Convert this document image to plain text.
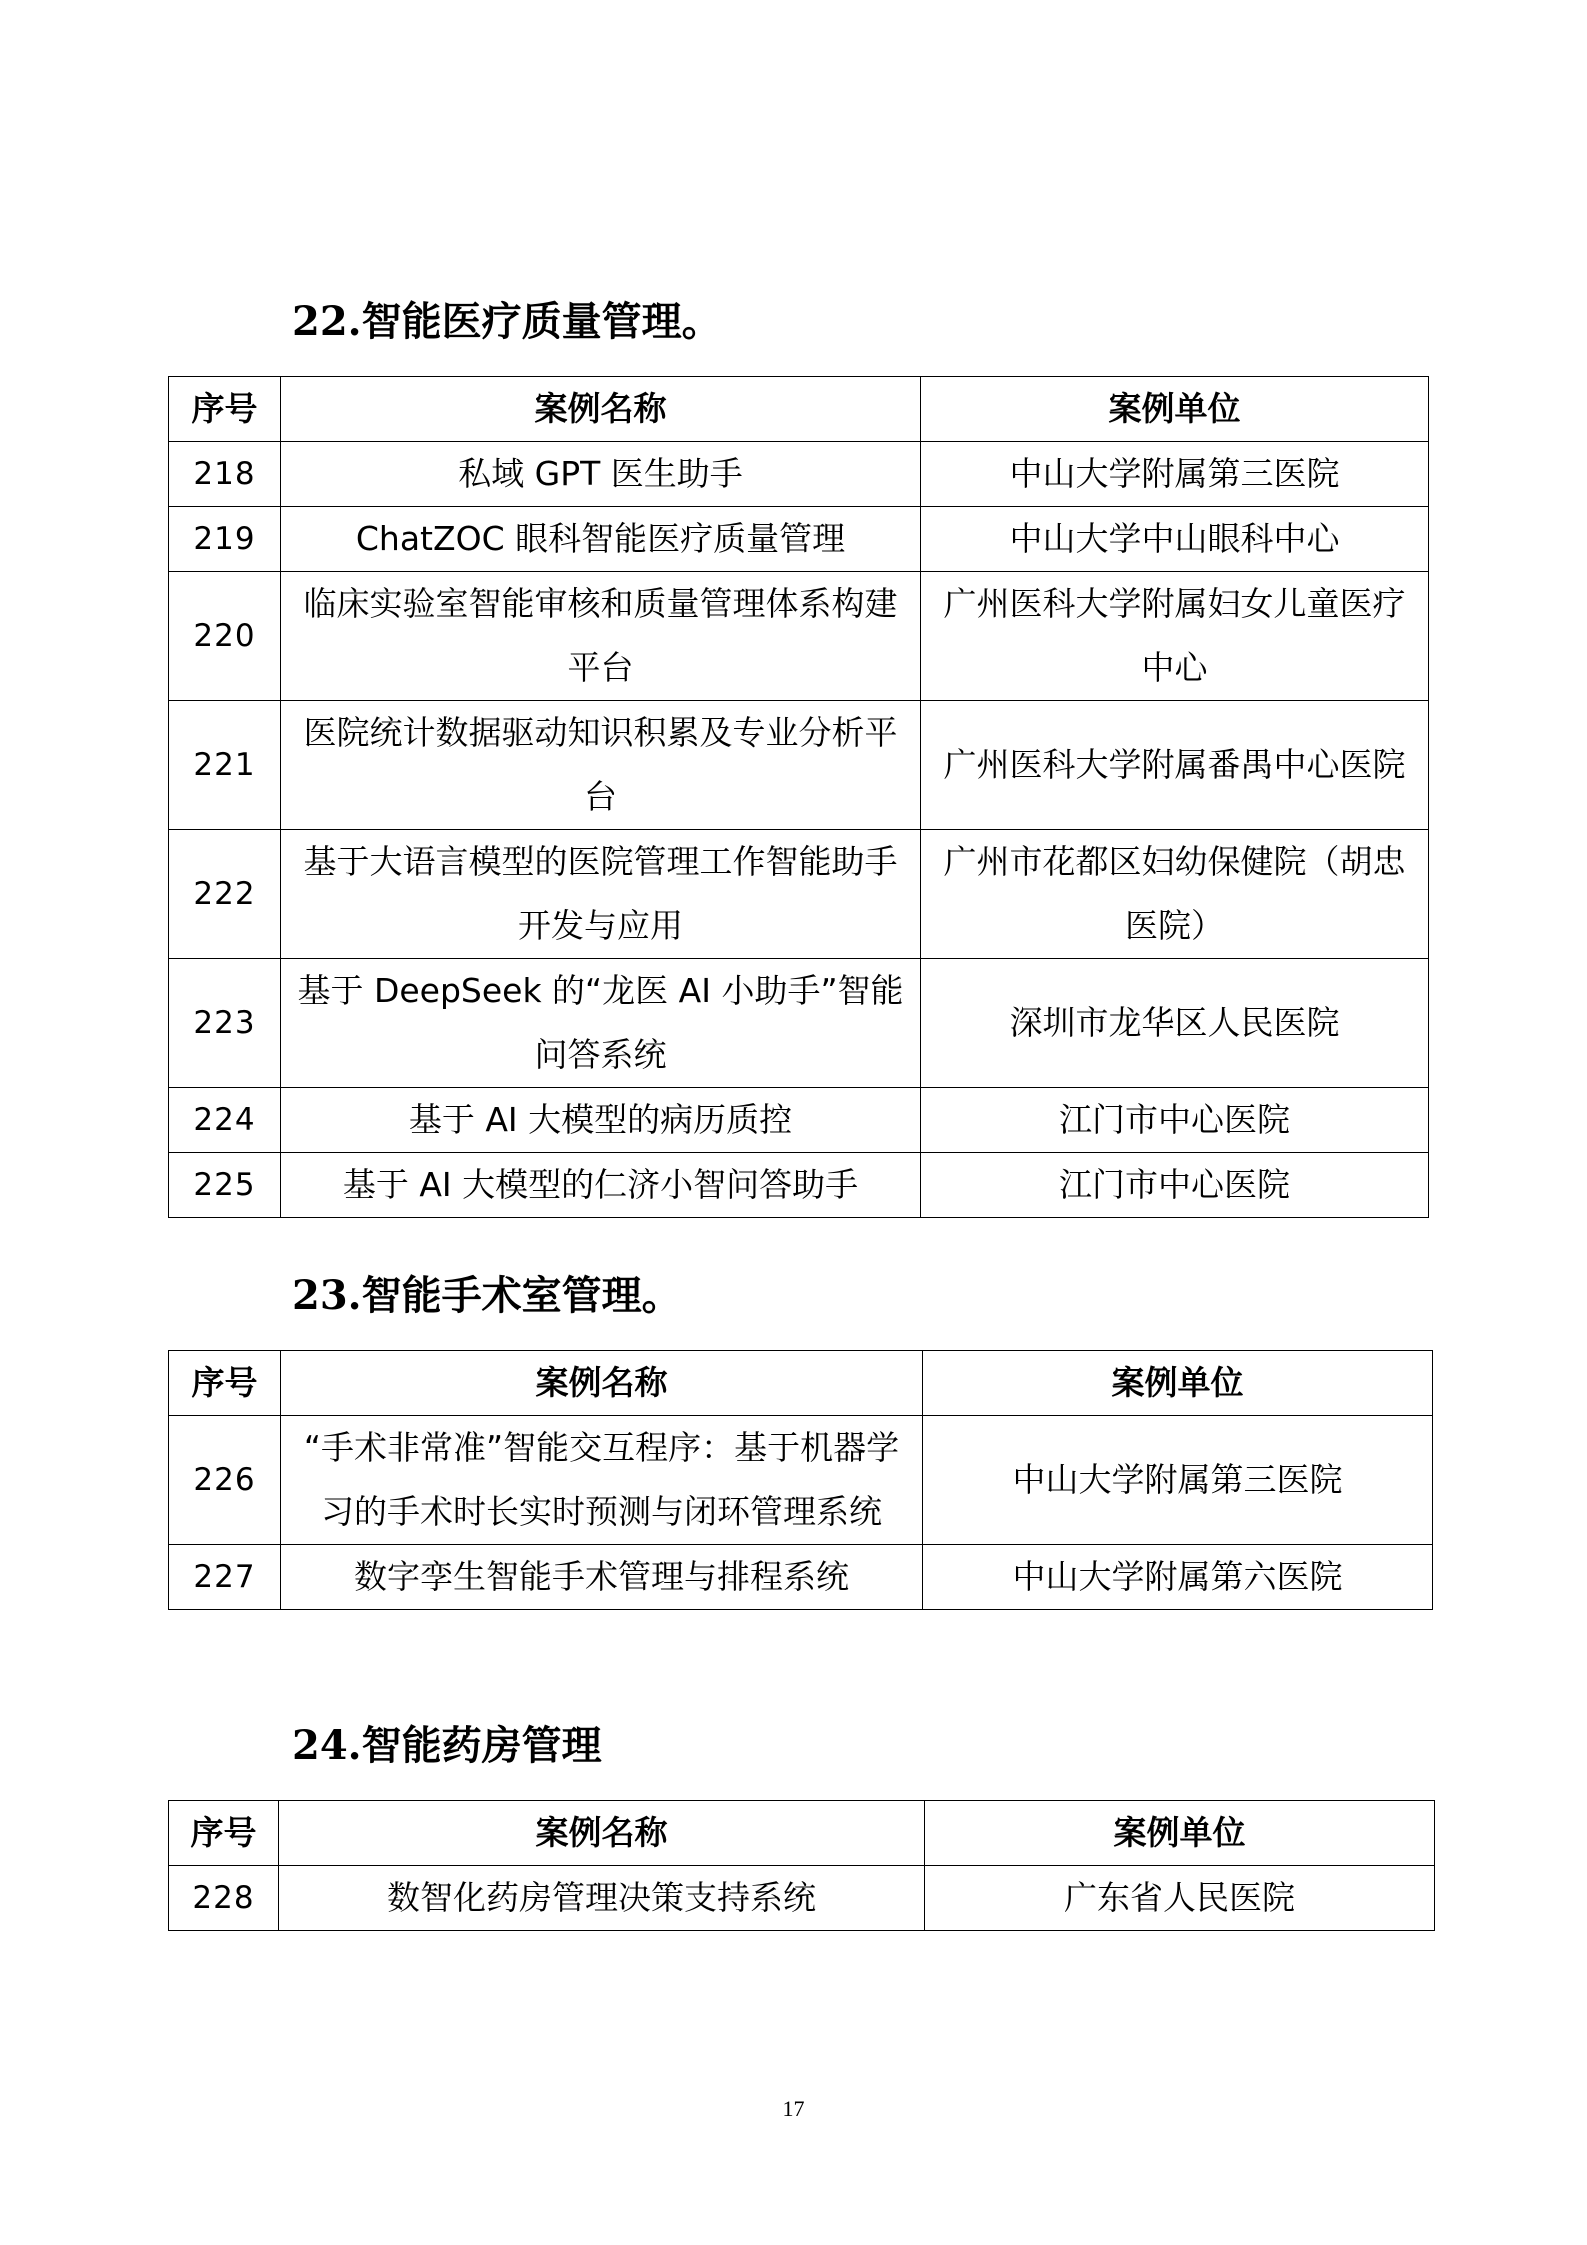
22.智能医疗质量管理。
序号	案例名称	案例单位
218	私域 GPT 医生助手	中山大学附属第三医院
219	ChatZOC 眼科智能医疗质量管理	中山大学中山眼科中心
220	临床实验室智能审核和质量管理体系构建平台	广州医科大学附属妇女儿童医疗中心
221	医院统计数据驱动知识积累及专业分析平台	广州医科大学附属番禺中心医院
222	基于大语言模型的医院管理工作智能助手开发与应用	广州市花都区妇幼保健院（胡忠医院）
223	基于 DeepSeek 的“龙医 AI 小助手”智能问答系统	深圳市龙华区人民医院
224	基于 AI 大模型的病历质控	江门市中心医院
225	基于 AI 大模型的仁济小智问答助手	江门市中心医院
23.智能手术室管理。
序号	案例名称	案例单位
226	“手术非常准”智能交互程序：基于机器学习的手术时长实时预测与闭环管理系统	中山大学附属第三医院
227	数字孪生智能手术管理与排程系统	中山大学附属第六医院
24.智能药房管理
序号	案例名称	案例单位
228	数智化药房管理决策支持系统	广东省人民医院
17
